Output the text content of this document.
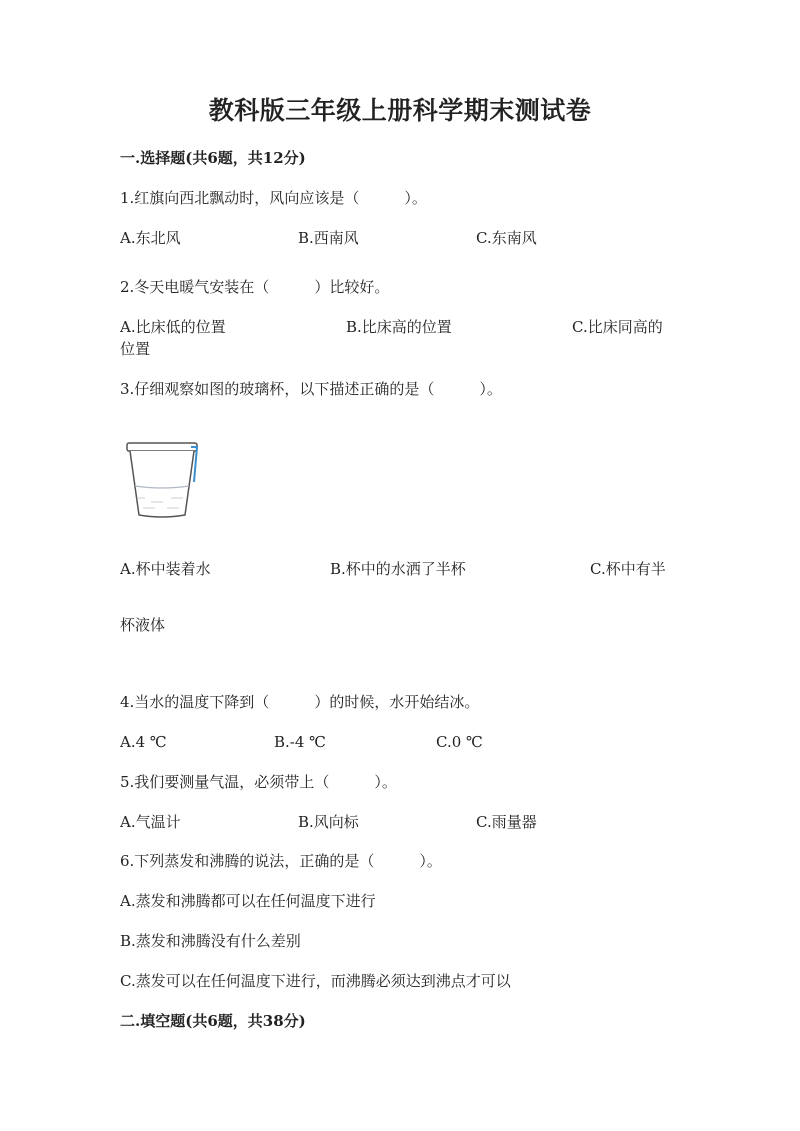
教科版三年级上册科学期末测试卷
一.选择题(共6题，共12分)
1.红旗向西北飘动时，风向应该是（　　　）。
A.东北风	B.西南风	C.东南风
2.冬天电暖气安装在（　　　）比较好。
A.比床低的位置	B.比床高的位置	C.比床同高的
位置
3.仔细观察如图的玻璃杯，以下描述正确的是（　　　）。
A.杯中装着水	B.杯中的水洒了半杯	C.杯中有半
杯液体
4.当水的温度下降到（　　　）的时候，水开始结冰。
A.4 ℃	B.-4 ℃	C.0 ℃
5.我们要测量气温，必须带上（　　　）。
A.气温计	B.风向标	C.雨量器
6.下列蒸发和沸腾的说法，正确的是（　　　）。
A.蒸发和沸腾都可以在任何温度下进行
B.蒸发和沸腾没有什么差别
C.蒸发可以在任何温度下进行，而沸腾必须达到沸点才可以
二.填空题(共6题，共38分)
